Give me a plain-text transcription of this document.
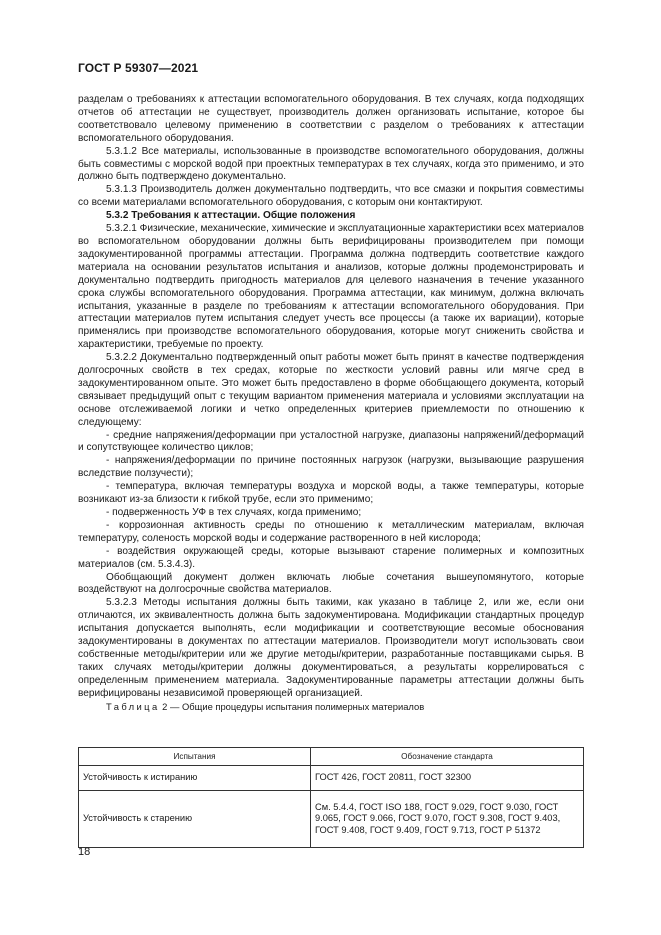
ГОСТ Р 59307—2021

разделам о требованиях к аттестации вспомогательного оборудования. В тех случаях, когда подходящих отчетов об аттестации не существует, производитель должен организовать испытание, которое бы соответствовало целевому применению в соответствии с разделом о требованиях к аттестации вспомогательного оборудования.

5.3.1.2 Все материалы, использованные в производстве вспомогательного оборудования, должны быть совместимы с морской водой при проектных температурах в тех случаях, когда это применимо, и это должно быть подтверждено документально.

5.3.1.3 Производитель должен документально подтвердить, что все смазки и покрытия совместимы со всеми материалами вспомогательного оборудования, с которым они контактируют.

5.3.2 Требования к аттестации. Общие положения

5.3.2.1 Физические, механические, химические и эксплуатационные характеристики всех материалов во вспомогательном оборудовании должны быть верифицированы производителем при помощи задокументированной программы аттестации. Программа должна подтвердить соответствие каждого материала на основании результатов испытания и анализов, которые должны продемонстрировать и документально подтвердить пригодность материалов для целевого назначения в течение указанного срока службы вспомогательного оборудования. Программа аттестации, как минимум, должна включать испытания, указанные в разделе по требованиям к аттестации вспомогательного оборудования. При аттестации материалов путем испытания следует учесть все процессы (а также их вариации), которые применялись при производстве вспомогательного оборудования, которые могут сниженить свойства и характеристики, требуемые по проекту.

5.3.2.2 Документально подтвержденный опыт работы может быть принят в качестве подтверждения долгосрочных свойств в тех средах, которые по жесткости условий равны или мягче сред в задокументированном опыте. Это может быть предоставлено в форме обобщающего документа, который связывает предыдущий опыт с текущим вариантом применения материала и условиями эксплуатации на основе отслеживаемой логики и четко определенных критериев приемлемости по отношению к следующему:

- средние напряжения/деформации при усталостной нагрузке, диапазоны напряжений/деформаций и сопутствующее количество циклов;

- напряжения/деформации по причине постоянных нагрузок (нагрузки, вызывающие разрушения вследствие ползучести);

- температура, включая температуры воздуха и морской воды, а также температуры, которые возникают из-за близости к гибкой трубе, если это применимо;

- подверженность УФ в тех случаях, когда применимо;

- коррозионная активность среды по отношению к металлическим материалам, включая температуру, соленость морской воды и содержание растворенного в ней кислорода;

- воздействия окружающей среды, которые вызывают старение полимерных и композитных материалов (см. 5.3.4.3).

Обобщающий документ должен включать любые сочетания вышеупомянутого, которые воздействуют на долгосрочные свойства материалов.

5.3.2.3 Методы испытания должны быть такими, как указано в таблице 2, или же, если они отличаются, их эквивалентность должна быть задокументирована. Модификации стандартных процедур испытания допускается выполнять, если модификации и соответствующие весомые обоснования задокументированы в документах по аттестации материалов. Производители могут использовать свои собственные методы/критерии или же другие методы/критерии, разработанные поставщиками сырья. В таких случаях методы/критерии должны документироваться, а результаты коррелироваться с определенным применением материала. Задокументированные параметры аттестации должны быть верифицированы независимой проверяющей организацией.

Таблица 2 — Общие процедуры испытания полимерных материалов

Испытания	Обозначение стандарта
Устойчивость к истиранию	ГОСТ 426, ГОСТ 20811, ГОСТ 32300
Устойчивость к старению	См. 5.4.4, ГОСТ ISO 188, ГОСТ 9.029, ГОСТ 9.030, ГОСТ 9.065, ГОСТ 9.066, ГОСТ 9.070, ГОСТ 9.308, ГОСТ 9.403, ГОСТ 9.408, ГОСТ 9.409, ГОСТ 9.713, ГОСТ Р 51372
18
